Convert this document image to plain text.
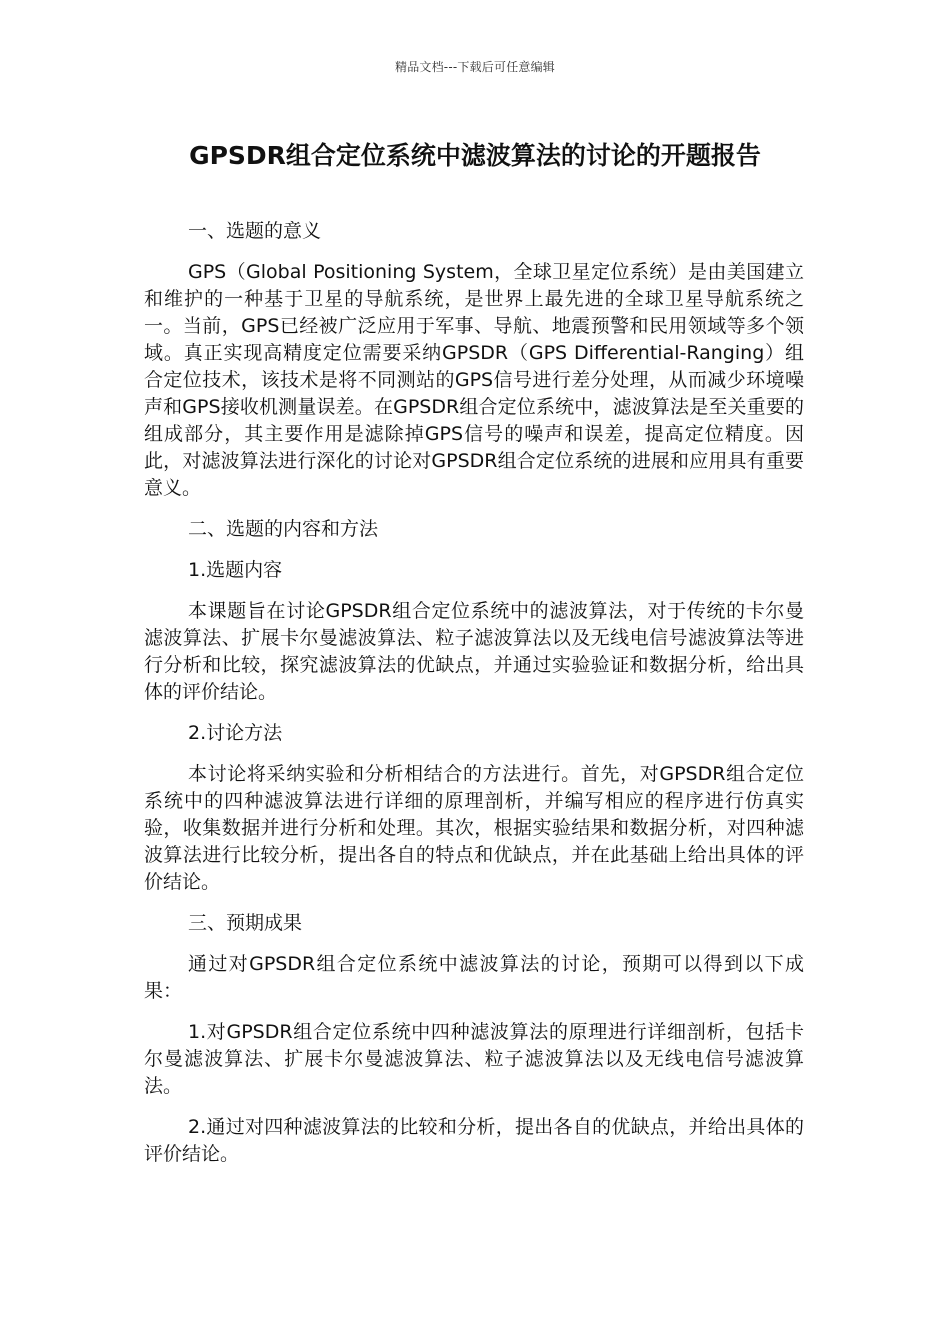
精品文档---下载后可任意编辑
GPSDR组合定位系统中滤波算法的讨论的开题报告

一、选题的意义

GPS（Global Positioning System，全球卫星定位系统）是由美国建立和维护的一种基于卫星的导航系统，是世界上最先进的全球卫星导航系统之一。当前，GPS已经被广泛应用于军事、导航、地震预警和民用领域等多个领域。真正实现高精度定位需要采纳GPSDR（GPS Differential-Ranging）组合定位技术，该技术是将不同测站的GPS信号进行差分处理，从而减少环境噪声和GPS接收机测量误差。在GPSDR组合定位系统中，滤波算法是至关重要的组成部分，其主要作用是滤除掉GPS信号的噪声和误差，提高定位精度。因此，对滤波算法进行深化的讨论对GPSDR组合定位系统的进展和应用具有重要意义。

二、选题的内容和方法

1.选题内容

本课题旨在讨论GPSDR组合定位系统中的滤波算法，对于传统的卡尔曼滤波算法、扩展卡尔曼滤波算法、粒子滤波算法以及无线电信号滤波算法等进行分析和比较，探究滤波算法的优缺点，并通过实验验证和数据分析，给出具体的评价结论。

2.讨论方法

本讨论将采纳实验和分析相结合的方法进行。首先，对GPSDR组合定位系统中的四种滤波算法进行详细的原理剖析，并编写相应的程序进行仿真实验，收集数据并进行分析和处理。其次，根据实验结果和数据分析，对四种滤波算法进行比较分析，提出各自的特点和优缺点，并在此基础上给出具体的评价结论。

三、预期成果

通过对GPSDR组合定位系统中滤波算法的讨论，预期可以得到以下成果：

1.对GPSDR组合定位系统中四种滤波算法的原理进行详细剖析，包括卡尔曼滤波算法、扩展卡尔曼滤波算法、粒子滤波算法以及无线电信号滤波算法。

2.通过对四种滤波算法的比较和分析，提出各自的优缺点，并给出具体的评价结论。
